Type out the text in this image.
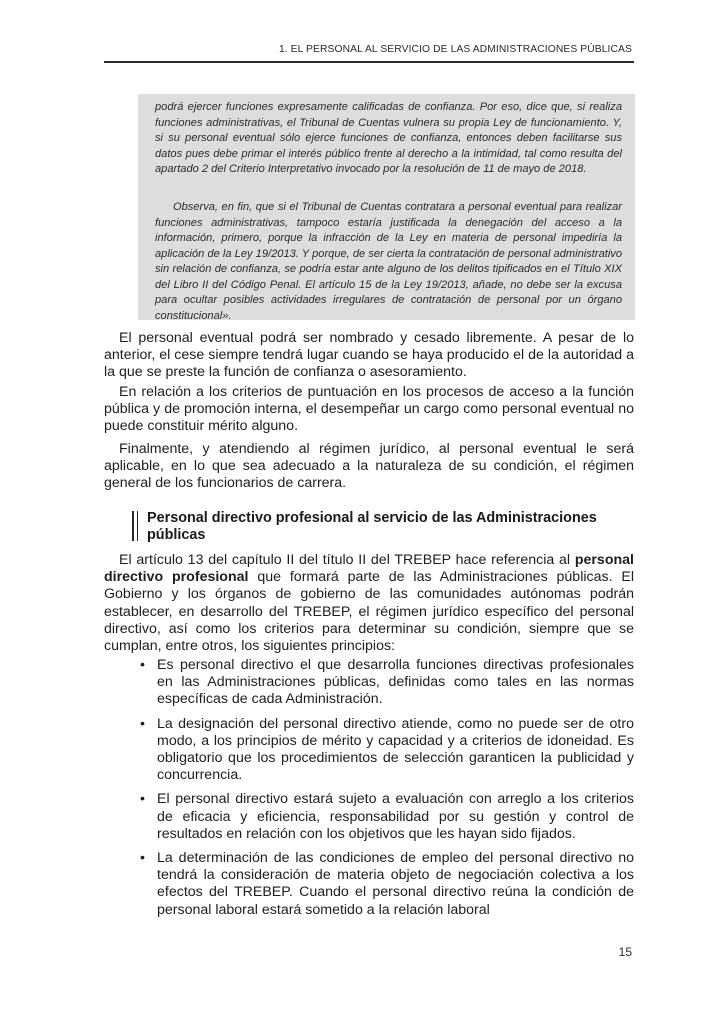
1. EL PERSONAL AL SERVICIO DE LAS ADMINISTRACIONES PÚBLICAS

podrá ejercer funciones expresamente calificadas de confianza. Por eso, dice que, si realiza funciones administrativas, el Tribunal de Cuentas vulnera su propia Ley de funcionamiento. Y, si su personal eventual sólo ejerce funciones de confianza, entonces deben facilitarse sus datos pues debe primar el interés público frente al derecho a la intimidad, tal como resulta del apartado 2 del Criterio Interpretativo invocado por la resolución de 11 de mayo de 2018.

Observa, en fin, que si el Tribunal de Cuentas contratara a personal eventual para realizar funciones administrativas, tampoco estaría justificada la denegación del acceso a la información, primero, porque la infracción de la Ley en materia de personal impediría la aplicación de la Ley 19/2013. Y porque, de ser cierta la contratación de personal administrativo sin relación de confianza, se podría estar ante alguno de los delitos tipificados en el Título XIX del Libro II del Código Penal. El artículo 15 de la Ley 19/2013, añade, no debe ser la excusa para ocultar posibles actividades irregulares de contratación de personal por un órgano constitucional».

El personal eventual podrá ser nombrado y cesado libremente. A pesar de lo anterior, el cese siempre tendrá lugar cuando se haya producido el de la autoridad a la que se preste la función de confianza o asesoramiento.

En relación a los criterios de puntuación en los procesos de acceso a la función pública y de promoción interna, el desempeñar un cargo como personal eventual no puede constituir mérito alguno.

Finalmente, y atendiendo al régimen jurídico, al personal eventual le será aplicable, en lo que sea adecuado a la naturaleza de su condición, el régimen general de los funcionarios de carrera.

Personal directivo profesional al servicio de las Administraciones públicas

El artículo 13 del capítulo II del título II del TREBEP hace referencia al personal directivo profesional que formará parte de las Administraciones públicas. El Gobierno y los órganos de gobierno de las comunidades autónomas podrán establecer, en desarrollo del TREBEP, el régimen jurídico específico del personal directivo, así como los criterios para determinar su condición, siempre que se cumplan, entre otros, los siguientes principios:

• Es personal directivo el que desarrolla funciones directivas profesionales en las Administraciones públicas, definidas como tales en las normas específicas de cada Administración.
• La designación del personal directivo atiende, como no puede ser de otro modo, a los principios de mérito y capacidad y a criterios de idoneidad. Es obligatorio que los procedimientos de selección garanticen la publicidad y concurrencia.
• El personal directivo estará sujeto a evaluación con arreglo a los criterios de eficacia y eficiencia, responsabilidad por su gestión y control de resultados en relación con los objetivos que les hayan sido fijados.
• La determinación de las condiciones de empleo del personal directivo no tendrá la consideración de materia objeto de negociación colectiva a los efectos del TREBEP. Cuando el personal directivo reúna la condición de personal laboral estará sometido a la relación laboral
15
